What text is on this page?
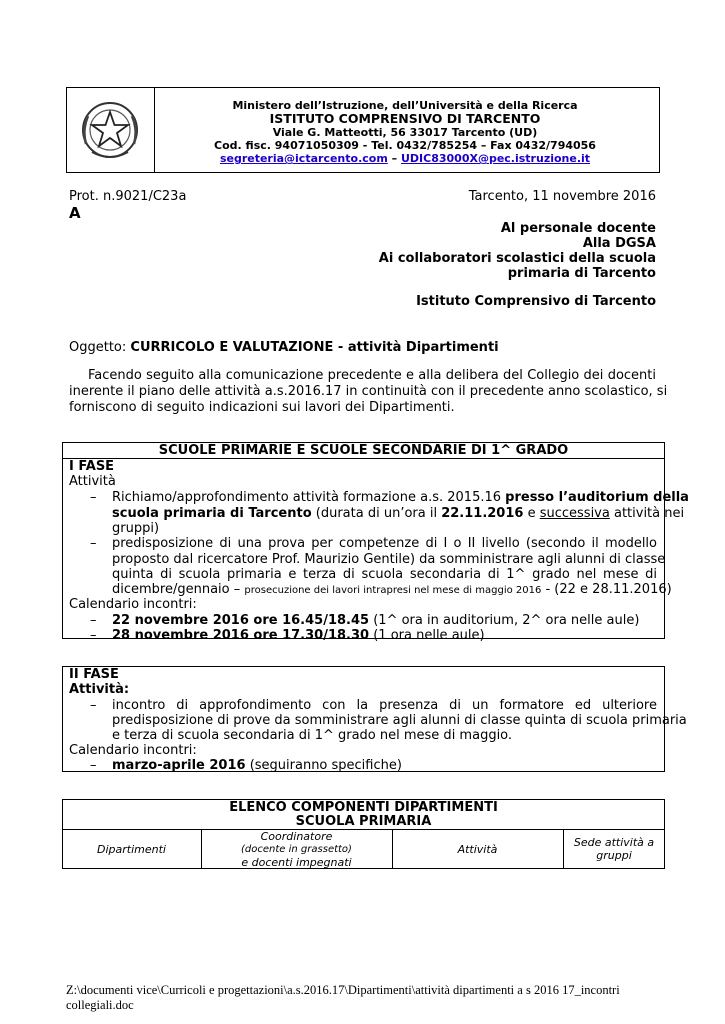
Ministero dell’Istruzione, dell’Università e della Ricerca
ISTITUTO COMPRENSIVO DI TARCENTO
Viale G. Matteotti, 56 33017 Tarcento (UD)
Cod. fisc. 94071050309 - Tel. 0432/785254 – Fax 0432/794056
segreteria@ictarcento.com – UDIC83000X@pec.istruzione.it
Prot. n.9021/C23a
A
Tarcento, 11 novembre 2016
Al personale docente
Alla DGSA
Ai collaboratori scolastici della scuola
primaria di Tarcento
Istituto Comprensivo di Tarcento
Oggetto: CURRICOLO E VALUTAZIONE - attività Dipartimenti
Facendo seguito alla comunicazione precedente e alla delibera del Collegio dei docenti
inerente il piano delle attività a.s.2016.17 in continuità con il precedente anno scolastico, si
forniscono di seguito indicazioni sui lavori dei Dipartimenti.
SCUOLE PRIMARIE E SCUOLE SECONDARIE DI 1^ GRADO
I FASE
Attività
– Richiamo/approfondimento attività formazione a.s. 2015.16 presso l’auditorium della
scuola primaria di Tarcento (durata di un’ora il 22.11.2016 e successiva attività nei
gruppi)
– predisposizione di una prova per competenze di I o II livello (secondo il modello
proposto dal ricercatore Prof. Maurizio Gentile) da somministrare agli alunni di classe
quinta di scuola primaria e terza di scuola secondaria di 1^ grado nel mese di
dicembre/gennaio – prosecuzione dei lavori intrapresi nel mese di maggio 2016 - (22 e 28.11.2016)
Calendario incontri:
– 22 novembre 2016 ore 16.45/18.45 (1^ ora in auditorium, 2^ ora nelle aule)
– 28 novembre 2016 ore 17.30/18.30 (1 ora nelle aule)
II FASE
Attività:
– incontro di approfondimento con la presenza di un formatore ed ulteriore
predisposizione di prove da somministrare agli alunni di classe quinta di scuola primaria
e terza di scuola secondaria di 1^ grado nel mese di maggio.
Calendario incontri:
– marzo-aprile 2016 (seguiranno specifiche)
ELENCO COMPONENTI DIPARTIMENTI
SCUOLA PRIMARIA
Dipartimenti
Coordinatore
(docente in grassetto)
e docenti impegnati
Attività
Sede attività a
gruppi
Z:\documenti vice\Curricoli e progettazioni\a.s.2016.17\Dipartimenti\attività dipartimenti a s 2016 17_incontri
collegiali.doc
